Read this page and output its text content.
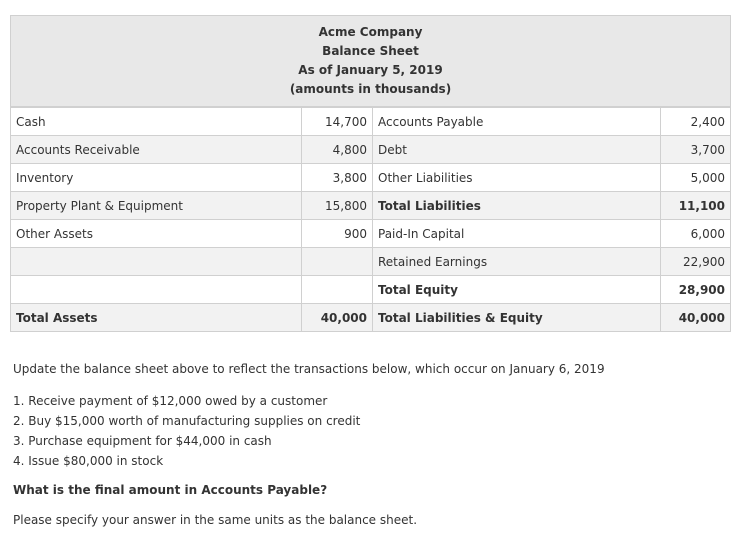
Acme Company
Balance Sheet
As of January 5, 2019
(amounts in thousands)
Cash	14,700	Accounts Payable	2,400
Accounts Receivable	4,800	Debt	3,700
Inventory	3,800	Other Liabilities	5,000
Property Plant & Equipment	15,800	Total Liabilities	11,100
Other Assets	900	Paid-In Capital	6,000
		Retained Earnings	22,900
		Total Equity	28,900
Total Assets	40,000	Total Liabilities & Equity	40,000
Update the balance sheet above to reflect the transactions below, which occur on January 6, 2019
1. Receive payment of $12,000 owed by a customer
2. Buy $15,000 worth of manufacturing supplies on credit
3. Purchase equipment for $44,000 in cash
4. Issue $80,000 in stock
What is the final amount in Accounts Payable?
Please specify your answer in the same units as the balance sheet.
